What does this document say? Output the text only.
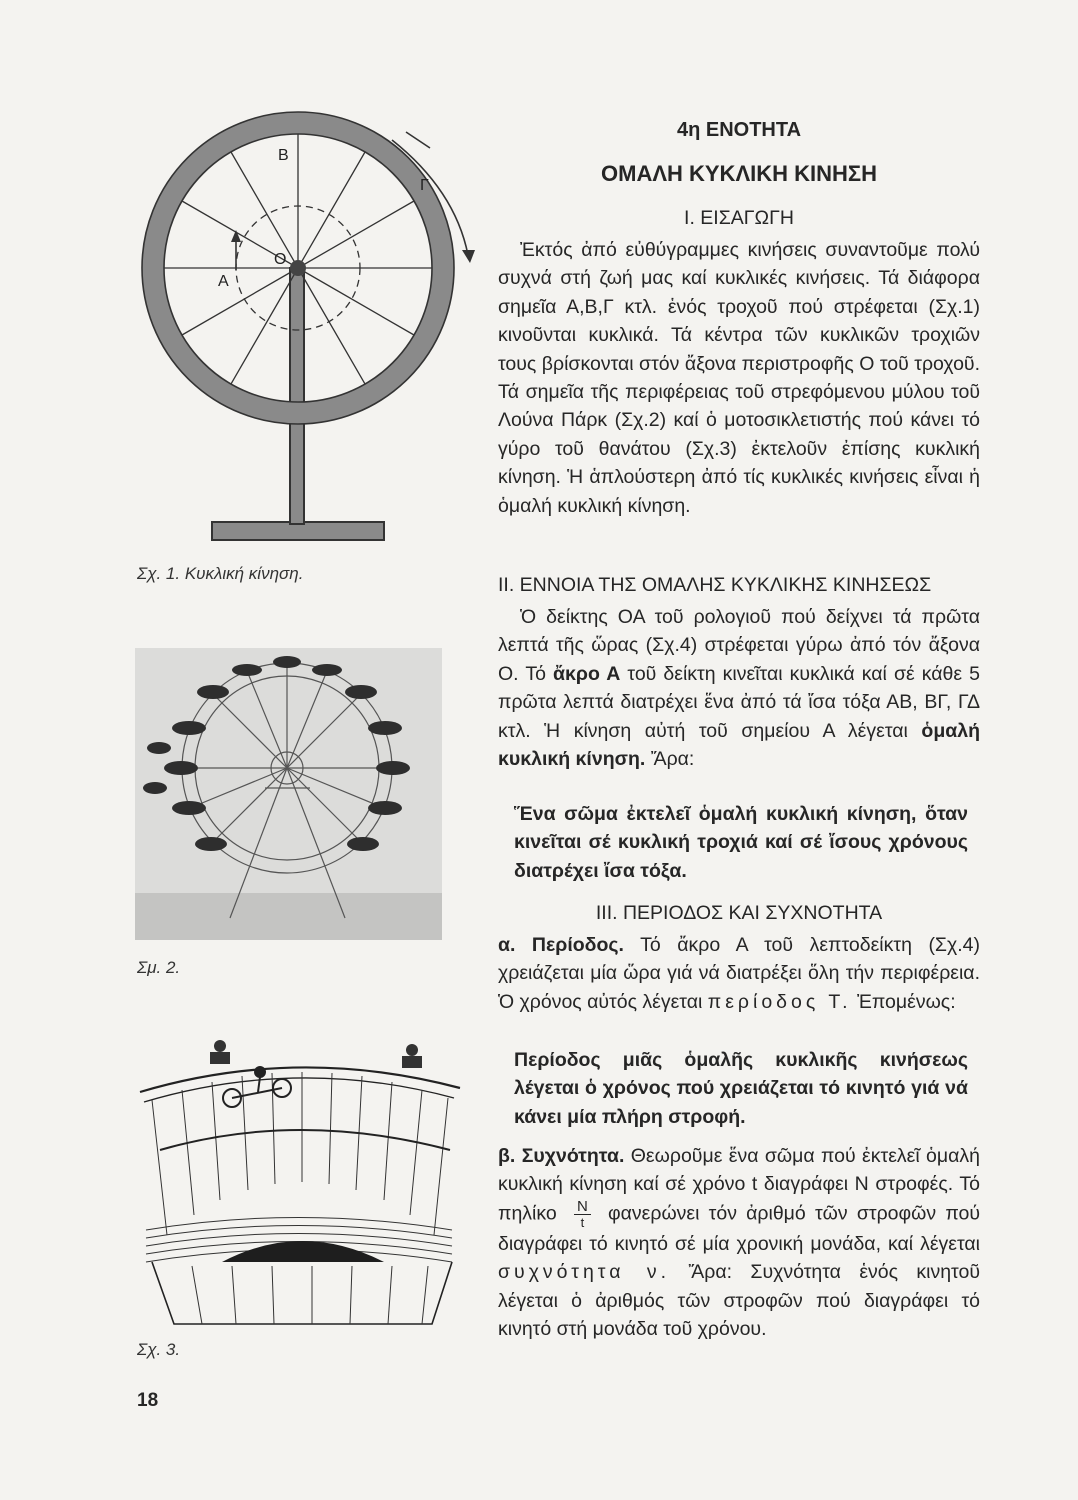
B
Γ
A
O
Σχ. 1. Κυκλική κίνηση.
Σμ. 2.
Σχ. 3.
18
4η ΕΝΟΤΗΤΑ
ΟΜΑΛΗ ΚΥΚΛΙΚΗ ΚΙΝΗΣΗ
Ι. ΕΙΣΑΓΩΓΗ

Ἐκτός ἀπό εὐθύγραμμες κινήσεις συναντοῦμε πολύ συχνά στή ζωή μας καί κυκλικές κινήσεις. Τά διάφορα σημεῖα Α,Β,Γ κτλ. ἑνός τροχοῦ πού στρέφεται (Σχ.1) κινοῦνται κυκλικά. Τά κέντρα τῶν κυκλικῶν τροχιῶν τους βρίσκονται στόν ἄξονα περιστροφῆς Ο τοῦ τροχοῦ. Τά σημεῖα τῆς περιφέρειας τοῦ στρεφόμενου μύλου τοῦ Λούνα Πάρκ (Σχ.2) καί ὁ μοτοσικλετιστής πού κάνει τό γύρο τοῦ θανάτου (Σχ.3) ἐκτελοῦν ἐπίσης κυκλική κίνηση. Ἡ ἁπλούστερη ἀπό τίς κυκλικές κινήσεις εἶναι ἡ ὁμαλή κυκλική κίνηση.

ΙΙ. ΕΝΝΟΙΑ ΤΗΣ ΟΜΑΛΗΣ ΚΥΚΛΙΚΗΣ ΚΙΝΗΣΕΩΣ

Ὁ δείκτης ΟΑ τοῦ ρολογιοῦ πού δείχνει τά πρῶτα λεπτά τῆς ὥρας (Σχ.4) στρέφεται γύρω ἀπό τόν ἄξονα Ο. Τό ἄκρο Α τοῦ δείκτη κινεῖται κυκλικά καί σέ κάθε 5 πρῶτα λεπτά διατρέχει ἕνα ἀπό τά ἴσα τόξα ΑΒ, ΒΓ, ΓΔ κτλ. Ἡ κίνηση αὐτή τοῦ σημείου Α λέγεται ὁμαλή κυκλική κίνηση. Ἄρα:

Ἕνα σῶμα ἐκτελεῖ ὁμαλή κυκλική κίνηση, ὅταν κινεῖται σέ κυκλική τροχιά καί σέ ἴσους χρόνους διατρέχει ἴσα τόξα.

ΙΙΙ. ΠΕΡΙΟΔΟΣ ΚΑΙ ΣΥΧΝΟΤΗΤΑ

α. Περίοδος. Τό ἄκρο Α τοῦ λεπτοδείκτη (Σχ.4) χρειάζεται μία ὥρα γιά νά διατρέξει ὅλη τήν περιφέρεια. Ὁ χρόνος αὐτός λέγεται περίοδος Τ. Ἐπομένως:

Περίοδος μιᾶς ὁμαλῆς κυκλικῆς κινήσεως λέγεται ὁ χρόνος πού χρειάζεται τό κινητό γιά νά κάνει μία πλήρη στροφή.

β. Συχνότητα. Θεωροῦμε ἕνα σῶμα πού ἐκτελεῖ ὁμαλή κυκλική κίνηση καί σέ χρόνο t διαγράφει Ν στροφές. Τό πηλίκο $\frac{N}{t}$ φανερώνει τόν ἀριθμό τῶν στροφῶν πού διαγράφει τό κινητό σέ μία χρονική μονάδα, καί λέγεται συχνότητα ν. Ἄρα: Συχνότητα ἑνός κινητοῦ λέγεται ὁ ἀριθμός τῶν στροφῶν πού διαγράφει τό κινητό στή μονάδα τοῦ χρόνου.
